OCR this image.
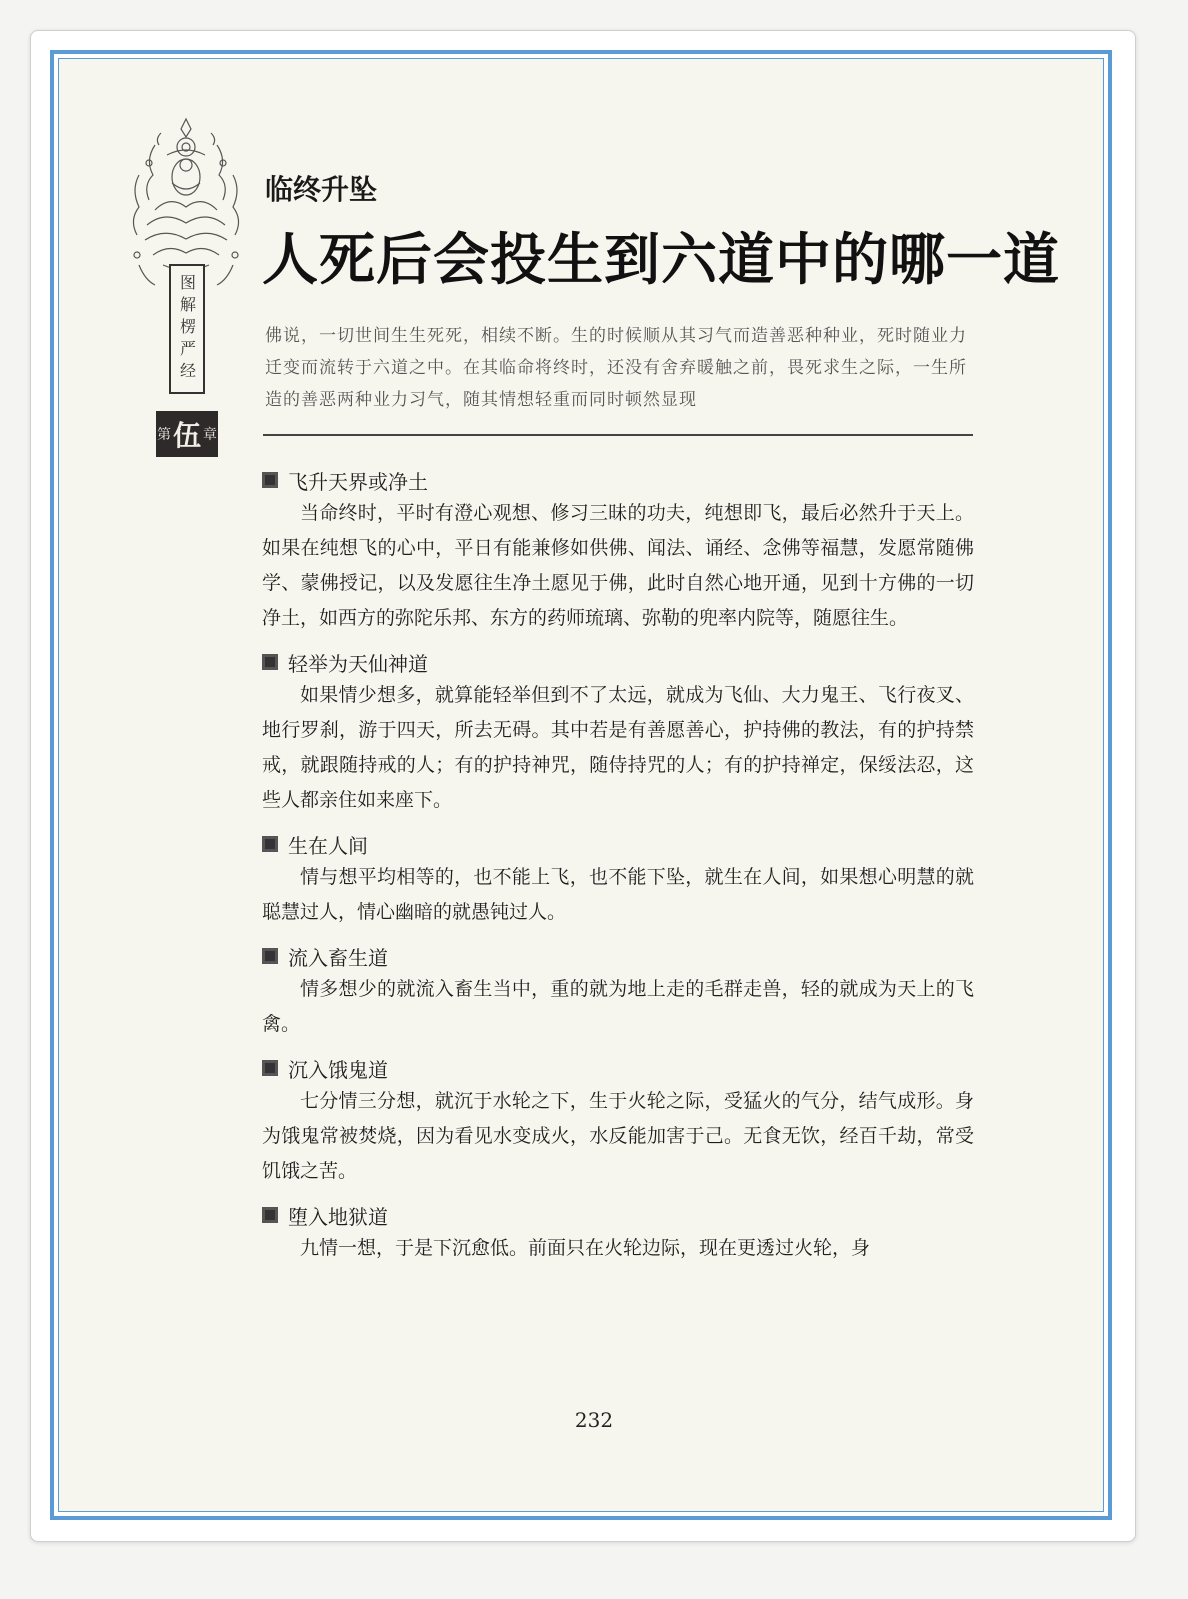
图解楞严经
第 伍 章
临终升坠
人死后会投生到六道中的哪一道
佛说，一切世间生生死死，相续不断。生的时候顺从其习气而造善恶种种业，死时随业力迁变而流转于六道之中。在其临命将终时，还没有舍弃暖触之前，畏死求生之际，一生所造的善恶两种业力习气，随其情想轻重而同时顿然显现
飞升天界或净土

当命终时，平时有澄心观想、修习三昧的功夫，纯想即飞，最后必然升于天上。如果在纯想飞的心中，平日有能兼修如供佛、闻法、诵经、念佛等福慧，发愿常随佛学、蒙佛授记，以及发愿往生净土愿见于佛，此时自然心地开通，见到十方佛的一切净土，如西方的弥陀乐邦、东方的药师琉璃、弥勒的兜率内院等，随愿往生。

轻举为天仙神道

如果情少想多，就算能轻举但到不了太远，就成为飞仙、大力鬼王、飞行夜叉、地行罗刹，游于四天，所去无碍。其中若是有善愿善心，护持佛的教法，有的护持禁戒，就跟随持戒的人；有的护持神咒，随侍持咒的人；有的护持禅定，保绥法忍，这些人都亲住如来座下。

生在人间

情与想平均相等的，也不能上飞，也不能下坠，就生在人间，如果想心明慧的就聪慧过人，情心幽暗的就愚钝过人。

流入畜生道

情多想少的就流入畜生当中，重的就为地上走的毛群走兽，轻的就成为天上的飞禽。

沉入饿鬼道

七分情三分想，就沉于水轮之下，生于火轮之际，受猛火的气分，结气成形。身为饿鬼常被焚烧，因为看见水变成火，水反能加害于己。无食无饮，经百千劫，常受饥饿之苦。

堕入地狱道

九情一想，于是下沉愈低。前面只在火轮边际，现在更透过火轮，身

232
